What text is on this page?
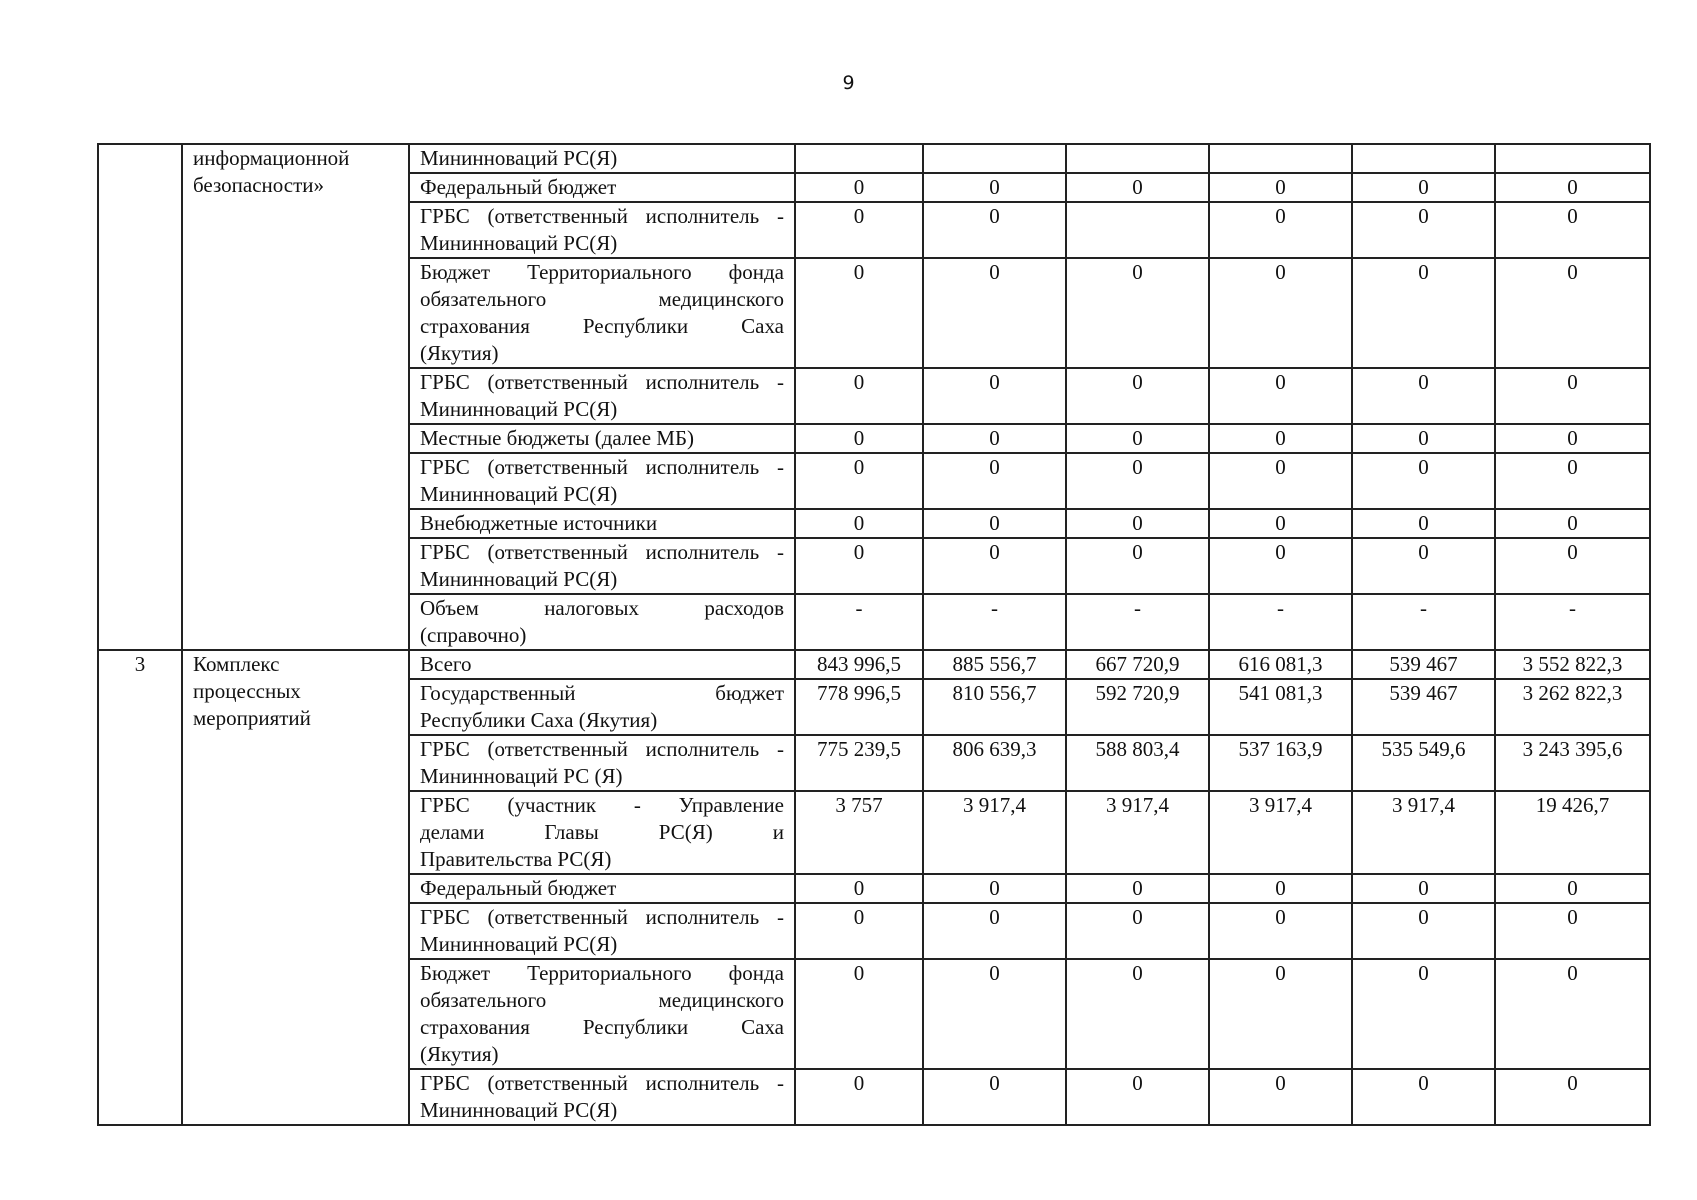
9

	информационной
безопасности»	Мининноваций РС(Я)						

		Федеральный бюджет	0	0	0	0	0	0

		ГРБС (ответственный исполнитель -
Мининноваций РС(Я)	0	0		0	0	0

		Бюджет Территориального фонда
обязательного медицинского
страхования Республики Саха
(Якутия)	0	0	0	0	0	0

		ГРБС (ответственный исполнитель -
Мининноваций РС(Я)	0	0	0	0	0	0

		Местные бюджеты (далее МБ)	0	0	0	0	0	0

		ГРБС (ответственный исполнитель -
Мининноваций РС(Я)	0	0	0	0	0	0

		Внебюджетные источники	0	0	0	0	0	0

		ГРБС (ответственный исполнитель -
Мининноваций РС(Я)	0	0	0	0	0	0

		Объем налоговых расходов
(справочно)	-	-	-	-	-	-
3	Комплекс
процессных
мероприятий	Всего	843 996,5	885 556,7	667 720,9	616 081,3	539 467	3 552 822,3

		Государственный бюджет
Республики Саха (Якутия)	778 996,5	810 556,7	592 720,9	541 081,3	539 467	3 262 822,3

		ГРБС (ответственный исполнитель -
Мининноваций РС (Я)	775 239,5	806 639,3	588 803,4	537 163,9	535 549,6	3 243 395,6

		ГРБС (участник - Управление
делами Главы РС(Я) и
Правительства РС(Я)	3 757	3 917,4	3 917,4	3 917,4	3 917,4	19 426,7

		Федеральный бюджет	0	0	0	0	0	0

		ГРБС (ответственный исполнитель -
Мининноваций РС(Я)	0	0	0	0	0	0

		Бюджет Территориального фонда
обязательного медицинского
страхования Республики Саха
(Якутия)	0	0	0	0	0	0

		ГРБС (ответственный исполнитель -
Мининноваций РС(Я)	0	0	0	0	0	0
